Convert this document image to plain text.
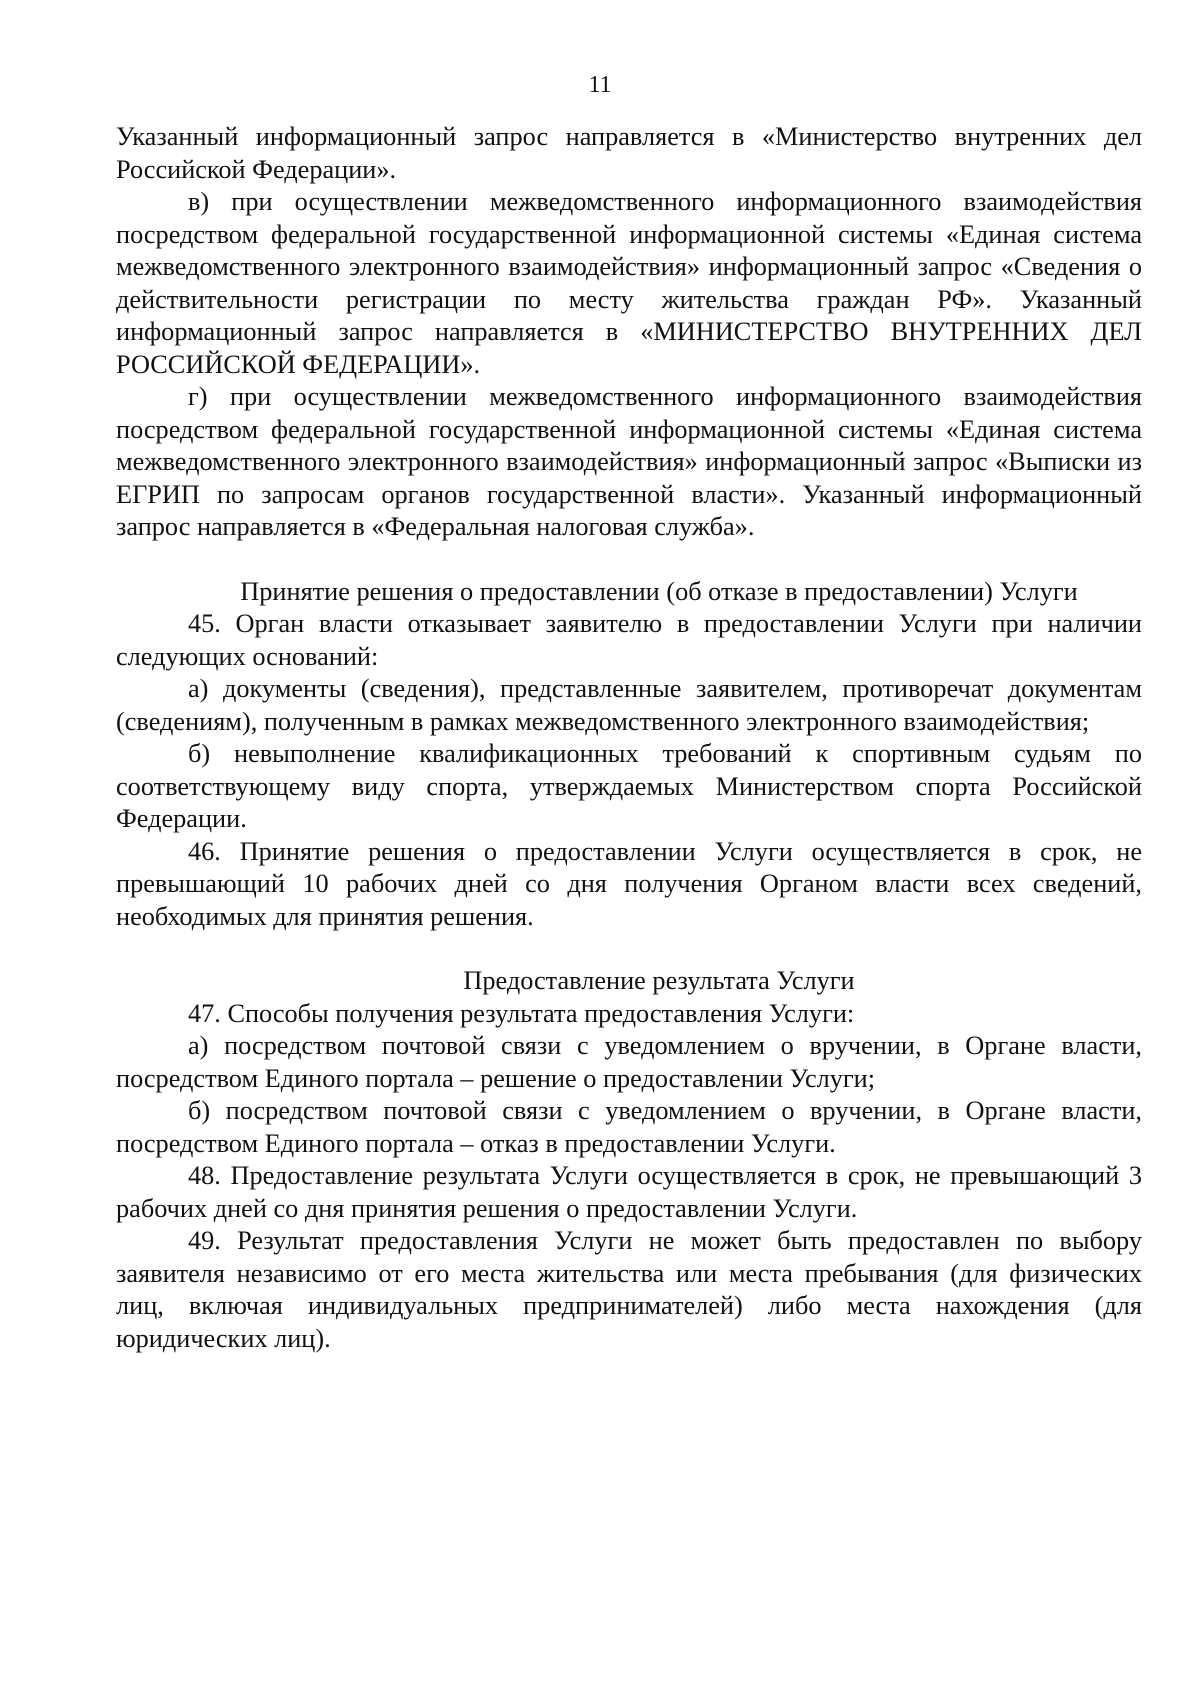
11

Указанный информационный запрос направляется в «Министерство внутренних дел Российской Федерации».

в) при осуществлении межведомственного информационного взаимодействия посредством федеральной государственной информационной системы «Единая система межведомственного электронного взаимодействия» информационный запрос «Сведения о действительности регистрации по месту жительства граждан РФ». Указанный информационный запрос направляется в «МИНИСТЕРСТВО ВНУТРЕННИХ ДЕЛ РОССИЙСКОЙ ФЕДЕРАЦИИ».

г) при осуществлении межведомственного информационного взаимодействия посредством федеральной государственной информационной системы «Единая система межведомственного электронного взаимодействия» информационный запрос «Выписки из ЕГРИП по запросам органов государственной власти». Указанный информационный запрос направляется в «Федеральная налоговая служба».

Принятие решения о предоставлении (об отказе в предоставлении) Услуги

45. Орган власти отказывает заявителю в предоставлении Услуги при наличии следующих оснований:

а) документы (сведения), представленные заявителем, противоречат документам (сведениям), полученным в рамках межведомственного электронного взаимодействия;

б) невыполнение квалификационных требований к спортивным судьям по соответствующему виду спорта, утверждаемых Министерством спорта Российской Федерации.

46. Принятие решения о предоставлении Услуги осуществляется в срок, не превышающий 10 рабочих дней со дня получения Органом власти всех сведений, необходимых для принятия решения.

Предоставление результата Услуги

47. Способы получения результата предоставления Услуги:

а) посредством почтовой связи с уведомлением о вручении, в Органе власти, посредством Единого портала – решение о предоставлении Услуги;

б) посредством почтовой связи с уведомлением о вручении, в Органе власти, посредством Единого портала – отказ в предоставлении Услуги.

48. Предоставление результата Услуги осуществляется в срок, не превышающий 3 рабочих дней со дня принятия решения о предоставлении Услуги.

49. Результат предоставления Услуги не может быть предоставлен по выбору заявителя независимо от его места жительства или места пребывания (для физических лиц, включая индивидуальных предпринимателей) либо места нахождения (для юридических лиц).
